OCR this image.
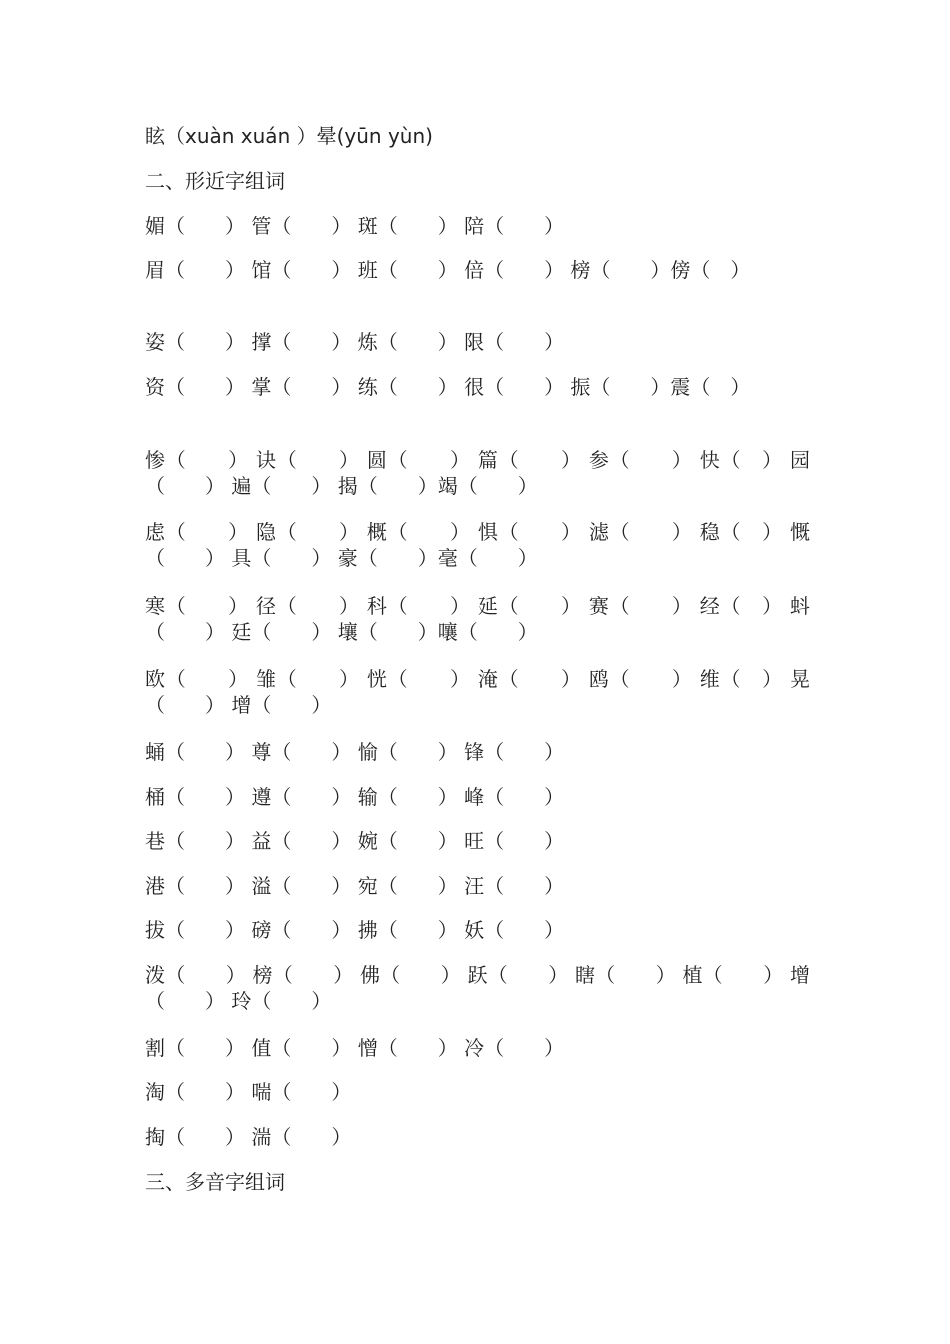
眩（xuàn xuán ）晕(yūn yùn)
二、形近字组词
媚（　　） 管（　　） 斑（　　） 陪（　　）
眉（　　） 馆（　　） 班（　　） 倍（　　） 榜（　　）傍（　）
姿（　　） 撑（　　） 炼（　　） 限（　　）
资（　　） 掌（　　） 练（　　） 很（　　） 振（　　）震（　）
惨（　　） 诀（　　） 圆（　　） 篇（　　） 参（　　） 快（　） 园（　　） 遍（　　） 揭（　　）竭（　　）
虑（　　） 隐（　　） 概（　　） 惧（　　） 滤（　　） 稳（　） 慨（　　） 具（　　） 豪（　　）毫（　　）
寒（　　） 径（　　） 科（　　） 延（　　） 赛（　　） 经（　） 蚪（　　） 廷（　　） 壤（　　）嚷（　　）
欧（　　） 雏（　　） 恍（　　） 淹（　　） 鸥（　　） 维（　） 晃（　　） 增（　　）
蛹（　　） 尊（　　） 愉（　　） 锋（　　）
桶（　　） 遵（　　） 输（　　） 峰（　　）
巷（　　） 益（　　） 婉（　　） 旺（　　）
港（　　） 溢（　　） 宛（　　） 汪（　　）
拔（　　） 磅（　　） 拂（　　） 妖（　　）
泼（　　） 榜（　　） 佛（　　） 跃（　　） 瞎（　　） 植（　　） 增（　　） 玲（　　）
割（　　） 值（　　） 憎（　　） 冷（　　）
淘（　　） 喘（　　）
掏（　　） 湍（　　）
三、多音字组词
